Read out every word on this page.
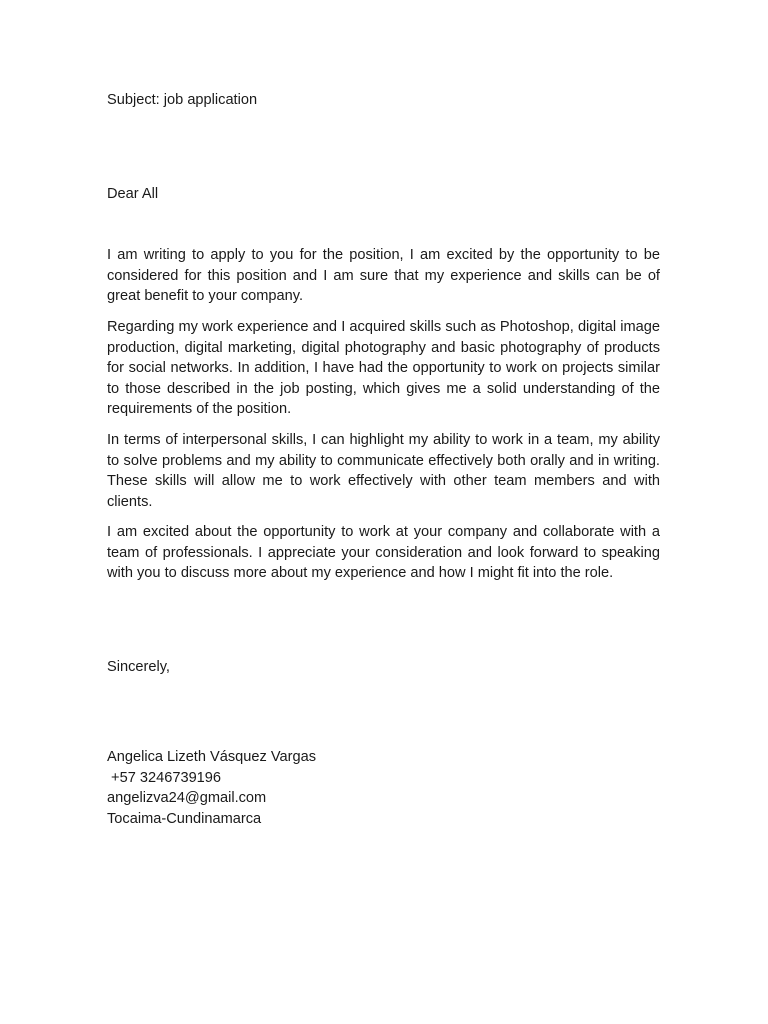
Subject: job application
Dear All

I am writing to apply to you for the position, I am excited by the opportunity to be considered for this position and I am sure that my experience and skills can be of great benefit to your company.

Regarding my work experience and I acquired skills such as Photoshop, digital image production, digital marketing, digital photography and basic photography of products for social networks. In addition, I have had the opportunity to work on projects similar to those described in the job posting, which gives me a solid understanding of the requirements of the position.

In terms of interpersonal skills, I can highlight my ability to work in a team, my ability to solve problems and my ability to communicate effectively both orally and in writing. These skills will allow me to work effectively with other team members and with clients.

I am excited about the opportunity to work at your company and collaborate with a team of professionals. I appreciate your consideration and look forward to speaking with you to discuss more about my experience and how I might fit into the role.

Sincerely,
Angelica Lizeth Vásquez Vargas
+57 3246739196
angelizva24@gmail.com
Tocaima-Cundinamarca
